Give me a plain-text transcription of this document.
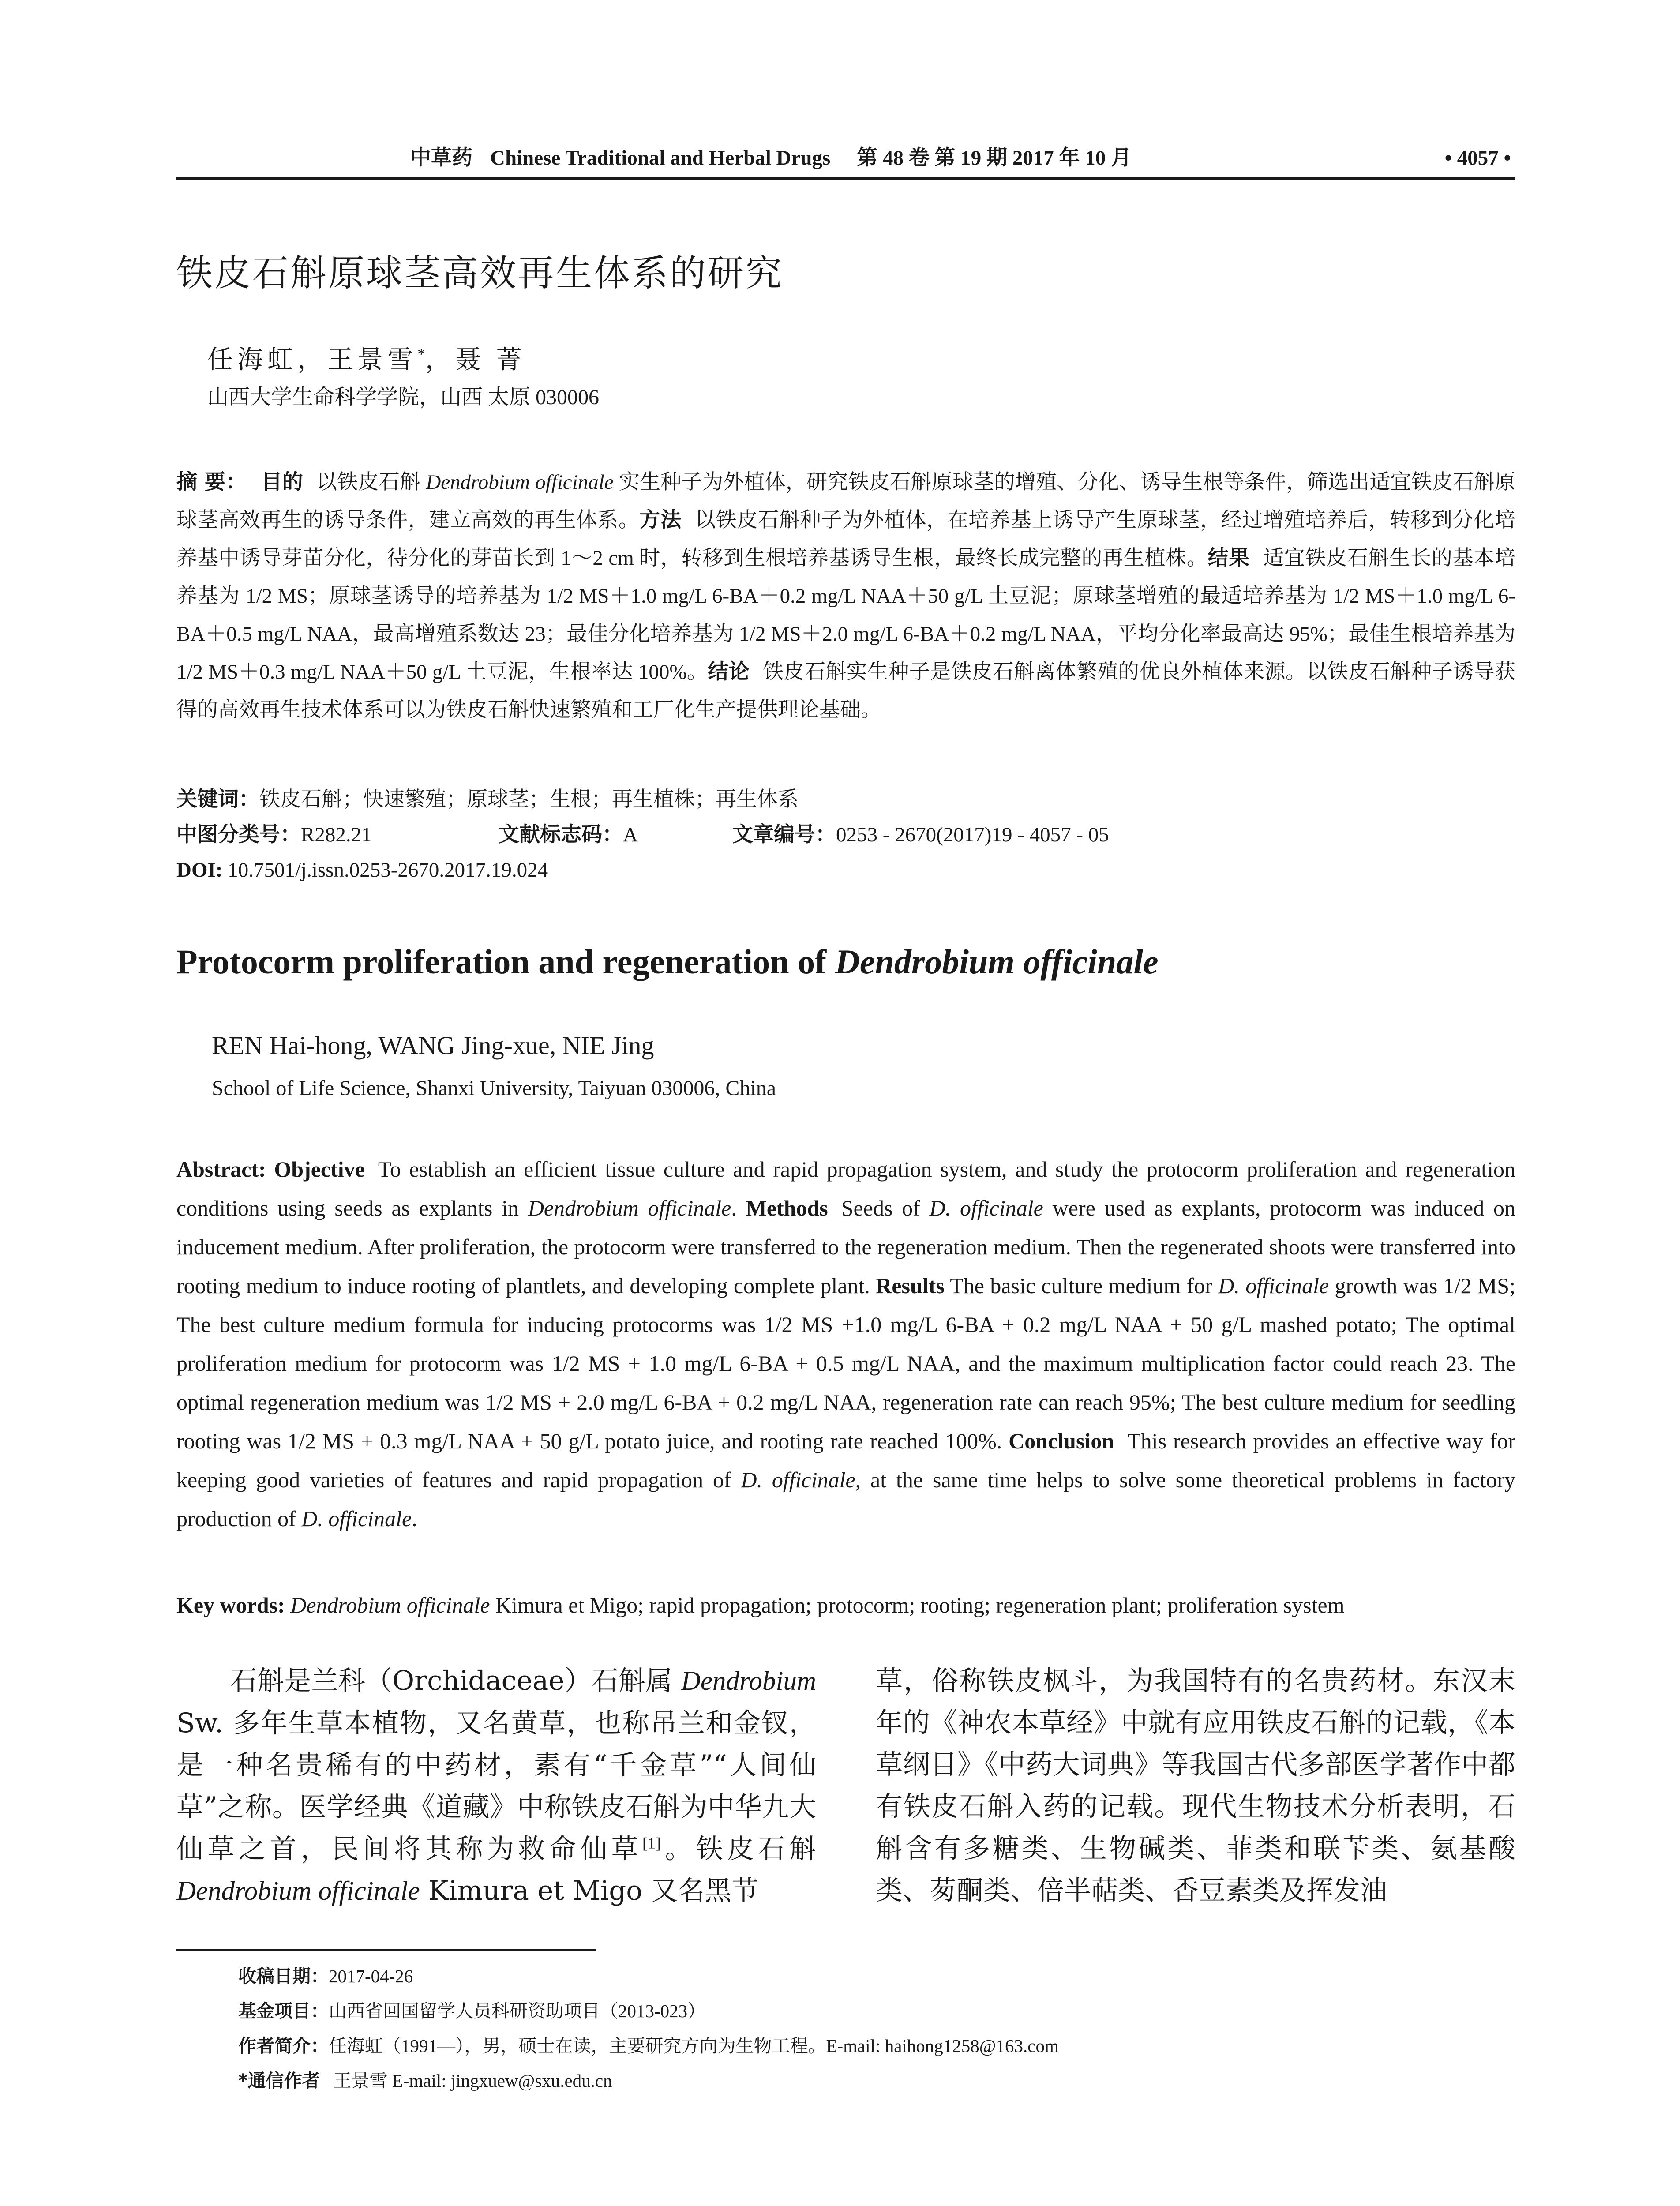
中草药 Chinese Traditional and Herbal Drugs 第 48 卷 第 19 期 2017 年 10 月	• 4057 •
铁皮石斛原球茎高效再生体系的研究
任海虹，王景雪*，聂 菁
山西大学生命科学学院，山西 太原 030006
摘 要： 目的 以铁皮石斛 Dendrobium officinale 实生种子为外植体，研究铁皮石斛原球茎的增殖、分化、诱导生根等条件，筛选出适宜铁皮石斛原球茎高效再生的诱导条件，建立高效的再生体系。方法 以铁皮石斛种子为外植体，在培养基上诱导产生原球茎，经过增殖培养后，转移到分化培养基中诱导芽苗分化，待分化的芽苗长到 1～2 cm 时，转移到生根培养基诱导生根，最终长成完整的再生植株。结果 适宜铁皮石斛生长的基本培养基为 1/2 MS；原球茎诱导的培养基为 1/2 MS＋1.0 mg/L 6-BA＋0.2 mg/L NAA＋50 g/L 土豆泥；原球茎增殖的最适培养基为 1/2 MS＋1.0 mg/L 6-BA＋0.5 mg/L NAA，最高增殖系数达 23；最佳分化培养基为 1/2 MS＋2.0 mg/L 6-BA＋0.2 mg/L NAA，平均分化率最高达 95%；最佳生根培养基为 1/2 MS＋0.3 mg/L NAA＋50 g/L 土豆泥，生根率达 100%。结论 铁皮石斛实生种子是铁皮石斛离体繁殖的优良外植体来源。以铁皮石斛种子诱导获得的高效再生技术体系可以为铁皮石斛快速繁殖和工厂化生产提供理论基础。
关键词：铁皮石斛；快速繁殖；原球茎；生根；再生植株；再生体系
中图分类号：R282.21	文献标志码：A	文章编号：0253 - 2670(2017)19 - 4057 - 05
DOI: 10.7501/j.issn.0253-2670.2017.19.024
Protocorm proliferation and regeneration of Dendrobium officinale
REN Hai-hong, WANG Jing-xue, NIE Jing
School of Life Science, Shanxi University, Taiyuan 030006, China
Abstract: Objective To establish an efficient tissue culture and rapid propagation system, and study the protocorm proliferation and regeneration conditions using seeds as explants in Dendrobium officinale. Methods Seeds of D. officinale were used as explants, protocorm was induced on inducement medium. After proliferation, the protocorm were transferred to the regeneration medium. Then the regenerated shoots were transferred into rooting medium to induce rooting of plantlets, and developing complete plant. Results The basic culture medium for D. officinale growth was 1/2 MS; The best culture medium formula for inducing protocorms was 1/2 MS +1.0 mg/L 6-BA + 0.2 mg/L NAA + 50 g/L mashed potato; The optimal proliferation medium for protocorm was 1/2 MS + 1.0 mg/L 6-BA + 0.5 mg/L NAA, and the maximum multiplication factor could reach 23. The optimal regeneration medium was 1/2 MS + 2.0 mg/L 6-BA + 0.2 mg/L NAA, regeneration rate can reach 95%; The best culture medium for seedling rooting was 1/2 MS + 0.3 mg/L NAA + 50 g/L potato juice, and rooting rate reached 100%. Conclusion This research provides an effective way for keeping good varieties of features and rapid propagation of D. officinale, at the same time helps to solve some theoretical problems in factory production of D. officinale.
Key words: Dendrobium officinale Kimura et Migo; rapid propagation; protocorm; rooting; regeneration plant; proliferation system
石斛是兰科（Orchidaceae）石斛属 Dendrobium Sw. 多年生草本植物，又名黄草，也称吊兰和金钗，是一种名贵稀有的中药材，素有“千金草”“人间仙草”之称。医学经典《道藏》中称铁皮石斛为中华九大仙草之首，民间将其称为救命仙草[1]。铁皮石斛 Dendrobium officinale Kimura et Migo 又名黑节
草，俗称铁皮枫斗，为我国特有的名贵药材。东汉末年的《神农本草经》中就有应用铁皮石斛的记载，《本草纲目》《中药大词典》等我国古代多部医学著作中都有铁皮石斛入药的记载。现代生物技术分析表明，石斛含有多糖类、生物碱类、菲类和联苄类、氨基酸类、茐酮类、倍半萜类、香豆素类及挥发油
收稿日期：2017-04-26
基金项目：山西省回国留学人员科研资助项目（2013-023）
作者简介：任海虹（1991—），男，硕士在读，主要研究方向为生物工程。E-mail: haihong1258@163.com
*通信作者 王景雪 E-mail: jingxuew@sxu.edu.cn
